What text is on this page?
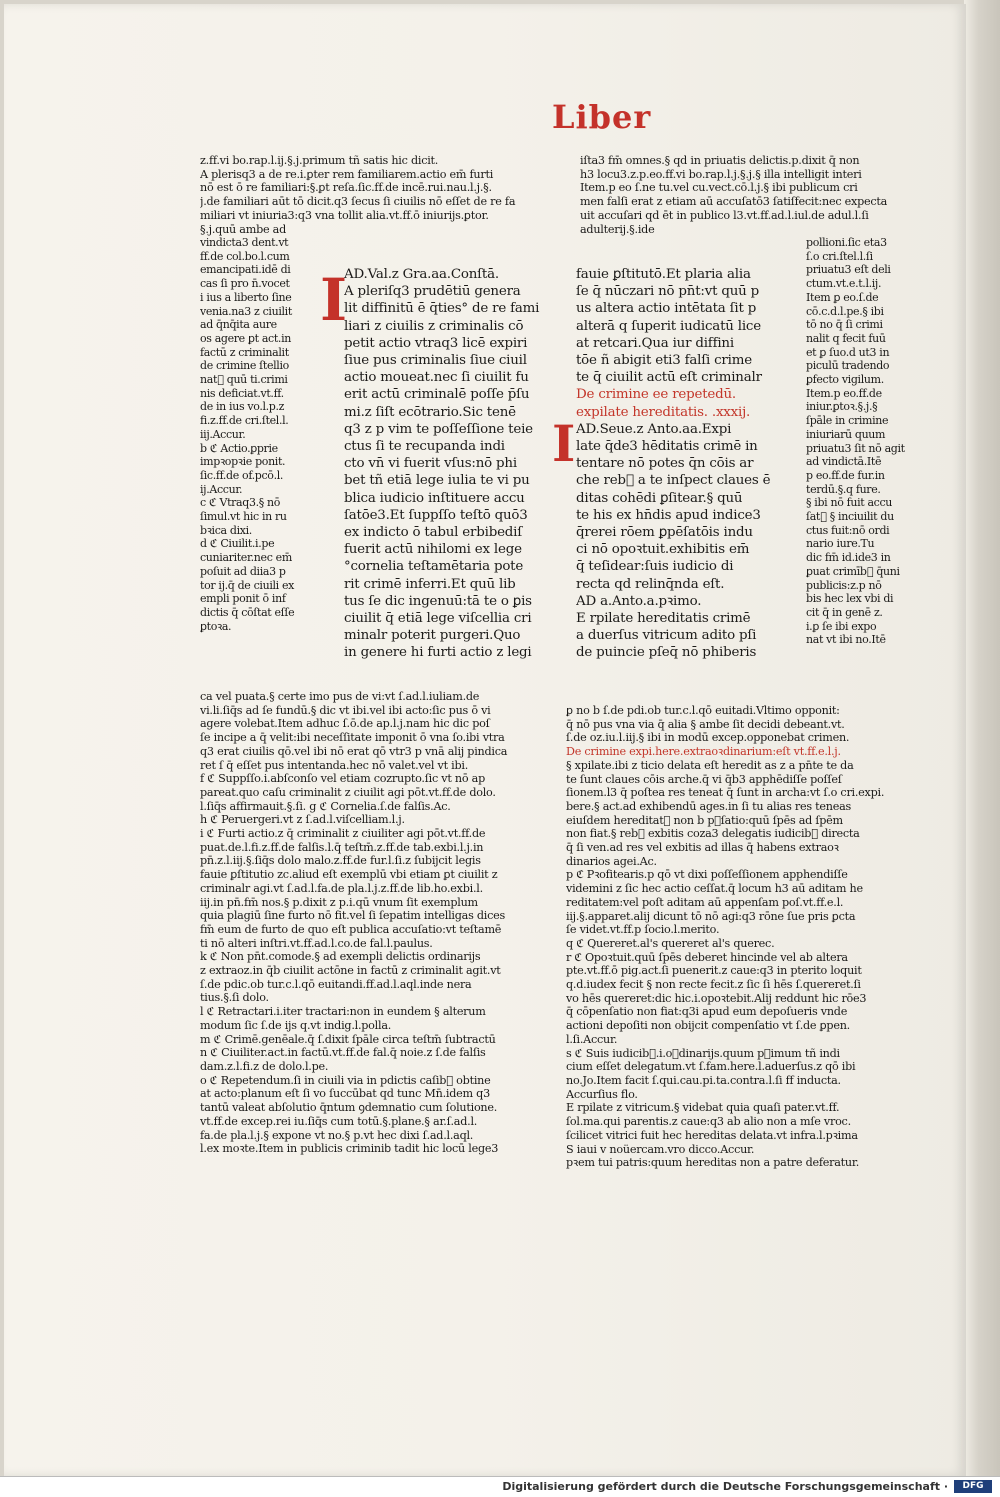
Liber
z.ff.vi bo.rap.l.ij.§.j.primum tñ satis hic dicit.
A plerisq3 a de re.i.ꝑter rem familiarem.actio em̄ furti
nō est ō re familiari:§.ꝑt reſa.ſic.ff.de incē.rui.nau.l.j.§.
j.de familiari aūt tō dicit.q3 ſecus ſi ciuilis nō eſſet de re fa
miliari vt iniuria3:q3 vna tollit alia.vt.ff.ō iniurijs.ꝑtor.
§.j.quū ambe ad
iſta3 fm̄ omnes.§ qd̄ in priuatis delictis.p.dixit q̄ non
h3 locu3.z.p.eo.ff.vi bo.rap.l.j.§.j.§ illa intelligit interi
Item.p eo ſ.ne tu.vel cu.vect.cō.l.j.§ ibi publicum cri
men falſi erat z etiam aū accuſatō3 ſatiſfecit:nec expecta
uit accuſari qd̄ ēt in publico l3.vt.ff.ad.l.iul.de adul.l.ſi
adulterij.§.ide
vindicta3 dent.vt
ff.de col.bo.l.cum
emancipati.idē di
cas ſi pro n̄.vocet
i ius a liberto ſine
venia.na3 z ciuilit̄
ad q̄nq̄ita aure
os agere ꝑt act.in
factū z criminalit̄
de crimine ſtellio
nat᷒ quū ti.crimi
nis deficiat.vt.ff.
de in ius vo.l.p.z
fi.z.ff.de cri.ſtel.l.
iij.Accur.
b ℭ Actio.ꝑprie
impꝛopꝛie ponit.
ſic.ff.de of.pcō.l.
ij.Accur.
c ℭ Vtraq3.§ nō
ſimul.vt hic in ru
bꝛica dixi.
d ℭ Ciuilit̄.i.pe
cuniariter.nec em̄
poſuit ad diia3 p
tor ij.q̄ de ciuili ex
empli ponit ō inf
dictis q̄ cōſtat eſſe
ꝑtoꝛa.
I
AD.Val.z Gra.aa.Conſtā.
A pleriſq3 prudētiū genera
lit diffinitū ē q̄ties° de re fami
liari z ciuilis z criminalis cō
petit actio vtraq3 licē expiri
ſiue pus criminalis ſiue ciuil
actio moueat.nec ſi ciuilit fu
erit actū criminalē poſſe p̄ſu
mi.z ſiſt ecōtrario.Sic tenē
q3 z p vim te poſſeſſione teie
ctus ſi te recupanda indi
cto vn̄ vi fuerit vſus:nō phi
bet tñ etiā lege iulia te vi pu
blica iudicio inſtituere accu
ſatōe3.Et ſuppſſo teſtō quō3
ex indicto ō tabul erbibediſ
fuerit actū nihilomi ex lege
°cornelia teſtamētaria pote
rit crimē inferri.Et quū lib
tus ſe dic ingenuū:tā te o ꝑis
ciuilit̄ q̄ etiā lege viſcellia cri
minalr poterit purgeri.Quo
in genere hi furti actio z legi
I
fauie ꝑſtitutō.Et plaria alia
ſe q̄ nūczari nō pn̄t:vt quū p
us altera actio intētata ſit p
alterā q ſuperit iudicatū lice
at retcari.Qua iur diffini
tōe ñ abigit eti3 falſi crime
te q̄ ciuilit actū eſt criminalr
De crimine ee repetedū.
expilate hereditatis. .xxxij.
AD.Seue.z Anto.aa.Expi
late q̄de3 hēditatis crimē in
tentare nō potes q̄n cōis ar
che reb᷒ a te inſpect claues ē
ditas cohēdi ꝑſitear.§ quū
te his ex hn̄dis apud indice3
q̄rerei rōem ꝑpēſatōis indu
ci nō opoꝛtuit.exhibitis em̄
q̄ teſidear:ſuis iudicio di
recta qd̄ relinq̄nda eſt.
AD a.Anto.a.pꝛimo.
E rpilate hereditatis crimē
a duerſus vitricum adito pſi
de puincie pſeq̄ nō phiberis
pollioni.ſic eta3
ſ.o cri.ſtel.l.ſi
priuatu3 eſt deli
ctum.vt.e.t.l.ij.
Item ꝑ eo.ſ.de
cō.c.d.l.pe.§ ibi
tō no q̄ ſi crimi
nalit̄ q fecit fuū
et ꝑ ſuo.d ut3 in
piculū tradendo
ꝑfecto vigilum.
Item.p eo.ff.de
iniur.ꝑtoꝛ.§.j.§
ſpāle in crimine
iniuriarū quum
priuatu3 ſit nō agit
ad vindictā.Itē
p eo.ff.de fur.in
terdū.§.q fure.
§ ibi nō fuit accu
ſat᷒ § inciuilit du
ctus fuit:nō ordi
nario iure.Tu
dic fm̄ id.ide3 in
ꝑuat crimīb᷒ q̄uni
publicis:z.p nō
bis hec lex vbi di
cit q̄ in genē z.
i.ꝑ ſe ibi expo
nat vt ibi no.Itē
ca vel puata.§ certe imo pus de vi:vt ſ.ad.l.iuliam.de
vi.li.ſiq̄s ad ſe fundū.§ dic vt ibi.vel ibi acto:ſic pus ō vi
agere volebat.Item adhuc ſ.ō.de ap.l.j.nam hic dic poſ
ſe incipe a q̄ velit:ibi neceſſitate imponit ō vna ſo.ibi vtra
q3 erat ciuilis qō.vel ibi nō erat qō vtr3 p vnā alij pindica
ret ſ q̄ eſſet pus intentanda.hec nō valet.vel vt ibi.
f ℭ Suppſſo.i.abſconſo vel etiam cozrupto.ſic vt nō ap
pareat.quo caſu criminalit̄ z ciuilit agi pōt.vt.ff.de dolo.
l.ſiq̄s affirmauit.§.ſi. g ℭ Cornelia.ſ.de falſis.Ac.
h ℭ Peruergeri.vt z ſ.ad.l.viſcelliam.l.j.
i ℭ Furti actio.z q̄ criminalit̄ z ciuiliter agi pōt.vt.ff.de
puat.de.l.fi.z.ff.de falſis.l.q̄ teſtm̄.z.ff.de tab.exbi.l.j.in
pn̄.z.l.iij.§.ſiq̄s dolo malo.z.ff.de fur.l.ſi.z ſubijcit legis
fauie ꝑſtitutio zc.aliud eſt exemplū vbi etiam ꝑt ciuilit z
criminalr agi.vt ſ.ad.l.fa.de pla.l.j.z.ff.de lib.ho.exbi.l.
iij.in pn̄.fm̄ nos.§ p.dixit z p.i.qū vnum ſit exemplum
quia plagiū ſine furto nō fit.vel ſi ſepatim intelligas dices
fm̄ eum de furto de quo eſt publica accuſatio:vt teſtamē
ti nō alteri inſtri.vt.ff.ad.l.co.de fal.l.paulus.
k ℭ Non pn̄t.comode.§ ad exempli delictis ordinarijs
z extraoz.in q̄b ciuilit actōne in factū z criminalit agit.vt
ſ.de pdic.ob tur.c.l.qō euitandi.ff.ad.l.aql.inde nera
tius.§.ſi dolo.
l ℭ Retractari.i.iter tractari:non in eundem § alterum
modum ſic ſ.de ijs q.vt indig.l.polla.
m ℭ Crimē.genēale.q̄ ſ.dixit ſpāle circa teſtm̄ ſubtractū
n ℭ Ciuiliter.act.in factū.vt.ff.de fal.q̄ noie.z ſ.de falſis
dam.z.l.fi.z de dolo.l.pe.
o ℭ Repetendum.ſi in ciuili via in pdictis caſib᷒ obtine
at acto:planum eſt ſi vo ſuccūbat qd̄ tunc Mn̄.idem q3
tantū valeat abſolutio q̄ntum ꝯdemnatio cum ſolutione.
vt.ff.de excep.rei iu.ſiq̄s cum totū.§.plane.§ ar.ſ.ad.l.
fa.de pla.l.j.§ expone vt no.§ p.vt hec dixi ſ.ad.l.aql.
l.ex moꝛte.Item in publicis criminib᷒ tadit hic locū lege3
ꝑ no b ſ.de pdi.ob tur.c.l.qō euitadi.Vltimo opponit:
q̄ nō pus vna via q̄ alia § ambe ſit decidi debeant.vt.
ſ.de oz.iu.l.iij.§ ibi in modū excep.opponebat crimen.
De crimine expi.here.extraoꝛdinarium:eſt vt.ff.e.l.j.
§ xpilate.ibi z ticio delata eſt heredit as z a pn̄te te da
te ſunt claues cōis arche.q̄ vi q̄b3 apphēdiſſe poſſeſ
ſionem.l3 q̄ poſtea res teneat q̄ ſunt in archa:vt ſ.o cri.expi.
bere.§ act.ad exhibendū ages.in ſi tu alias res teneas
eiuſdem hereditat᷒ non b pꝯſatio:quū ſpēs ad ſpēm
non fiat.§ reb᷒ exbitis coza3 delegatis iudicib᷒ directa
q̄ ſi ven.ad res vel exbitis ad illas q̄ habens extraoꝛ
dinarios agei.Ac.
p ℭ Pꝛofitearis.p qō vt dixi poſſeſſionem apphendiſſe
videmini z ſic hec actio ceſſat.q̄ locum h3 aū aditam he
reditatem:vel poſt aditam aū appenſam poſ.vt.ff.e.l.
iij.§.apparet.alij dicunt tō nō agi:q3 rōne ſue pris ꝑcta
ſe videt.vt.ff.p ſocio.l.merito.
q ℭ Quereret.al's quereret al's querec.
r ℭ Opoꝛtuit.quū ſpēs deberet hincinde vel ab altera
pte.vt.ff.ō pig.act.ſi puenerit.z caue:q3 in pterito loquit
q.d.iudex fecit § non recte fecit.z ſic ſi hēs ſ.quereret.ſi
vo hēs quereret:dic hic.i.opoꝛtebit.Alij reddunt hic rōe3
q̄ cōpenſatio non fiat:q3i apud eum depoſueris vnde
actioni depoſiti non obijcit compenſatio vt ſ.de ꝑpen.
l.ſi.Accur.
s ℭ Suis iudicib᷒.i.oꝛdinarijs.quum pꝛimum tñ indi
cium eſſet delegatum.vt ſ.fam.here.l.aduerſus.z qō ibi
no.Jo.Item facit ſ.qui.cau.pi.ta.contra.l.ſi ff inducta.
Accurſius flo.
E rpilate z vitricum.§ videbat quia quaſi pater.vt.ff.
ſol.ma.qui parentis.z caue:q3 ab alio non a mſe vroc.
ſcilicet vitrici fuit hec hereditas delata.vt infra.l.pꝛima
S iaui v noüercam.vro dicco.Accur.
pꝛem tui patris:quum hereditas non a patre deferatur.
Digitalisierung gefördert durch die Deutsche Forschungsgemeinschaft ·	DFG
